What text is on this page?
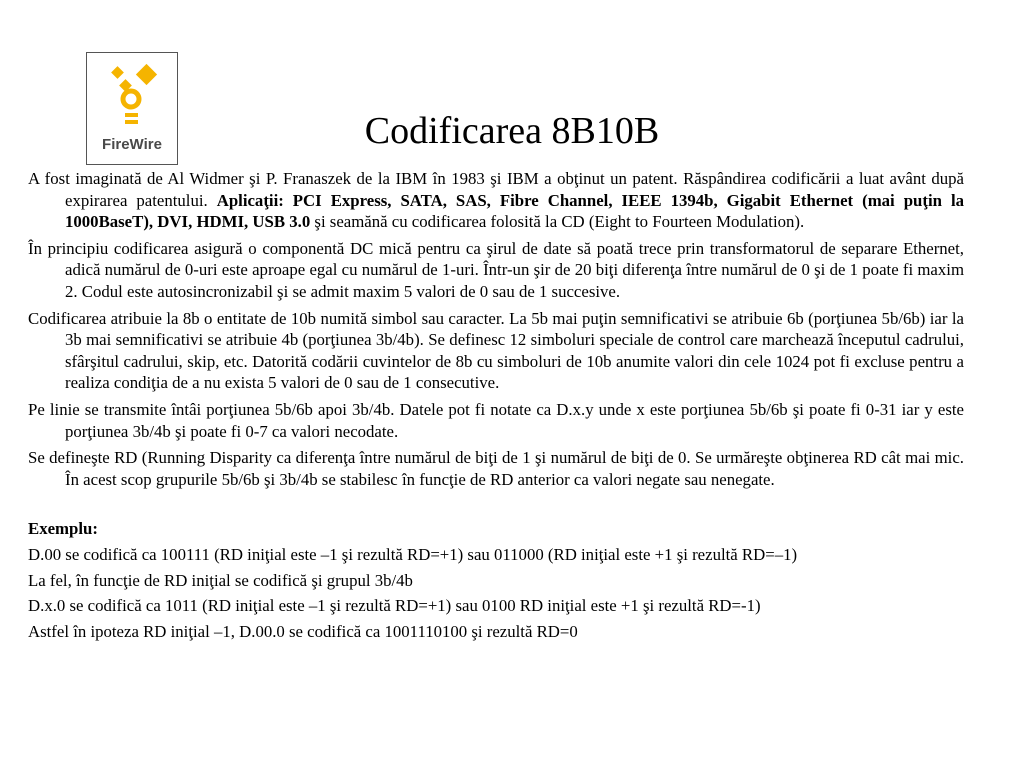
FireWire	Codificarea 8B10B

A fost imaginată de Al Widmer şi P. Franaszek de la IBM în 1983 şi IBM a obţinut un patent. Răspândirea codificării a luat avânt după expirarea patentului. Aplicaţii: PCI Express, SATA, SAS, Fibre Channel, IEEE 1394b, Gigabit Ethernet (mai puţin la 1000BaseT), DVI, HDMI, USB 3.0 şi seamănă cu codificarea folosită la CD (Eight to Fourteen Modulation).

În principiu codificarea asigură o componentă DC mică pentru ca şirul de date să poată trece prin transformatorul de separare Ethernet, adică numărul de 0-uri este aproape egal cu numărul de 1-uri. Într-un şir de 20 biţi diferenţa între numărul de 0 şi de 1 poate fi maxim 2. Codul este autosincronizabil şi se admit maxim 5 valori de 0 sau de 1 succesive.

Codificarea atribuie la 8b o entitate de 10b numită simbol sau caracter. La 5b mai puţin semnificativi se atribuie 6b (porţiunea 5b/6b) iar la 3b mai semnificativi se atribuie 4b (porţiunea 3b/4b). Se definesc 12 simboluri speciale de control care marchează începutul cadrului, sfârşitul cadrului, skip, etc. Datorită codării cuvintelor de 8b cu simboluri de 10b anumite valori din cele 1024 pot fi excluse pentru a realiza condiţia de a nu exista 5 valori de 0 sau de 1 consecutive.

Pe linie se transmite întâi porţiunea 5b/6b apoi 3b/4b. Datele pot fi notate ca D.x.y unde x este porţiunea 5b/6b şi poate fi 0-31 iar y este porţiunea 3b/4b şi poate fi 0-7 ca valori necodate.

Se defineşte RD (Running Disparity ca diferenţa între numărul de biţi de 1 şi numărul de biţi de 0. Se urmăreşte obţinerea RD cât mai mic. În acest scop grupurile 5b/6b şi 3b/4b se stabilesc în funcţie de RD anterior ca valori negate sau nenegate.

Exemplu:

D.00 se codifică ca 100111 (RD iniţial este –1 şi rezultă RD=+1) sau 011000 (RD iniţial este +1 şi rezultă RD=–1)

La fel, în funcţie de RD iniţial se codifică şi grupul 3b/4b

D.x.0 se codifică ca 1011 (RD iniţial este –1 şi rezultă RD=+1) sau 0100 RD iniţial este +1 şi rezultă RD=-1)

Astfel în ipoteza RD iniţial –1, D.00.0 se codifică ca 1001110100 şi rezultă RD=0
